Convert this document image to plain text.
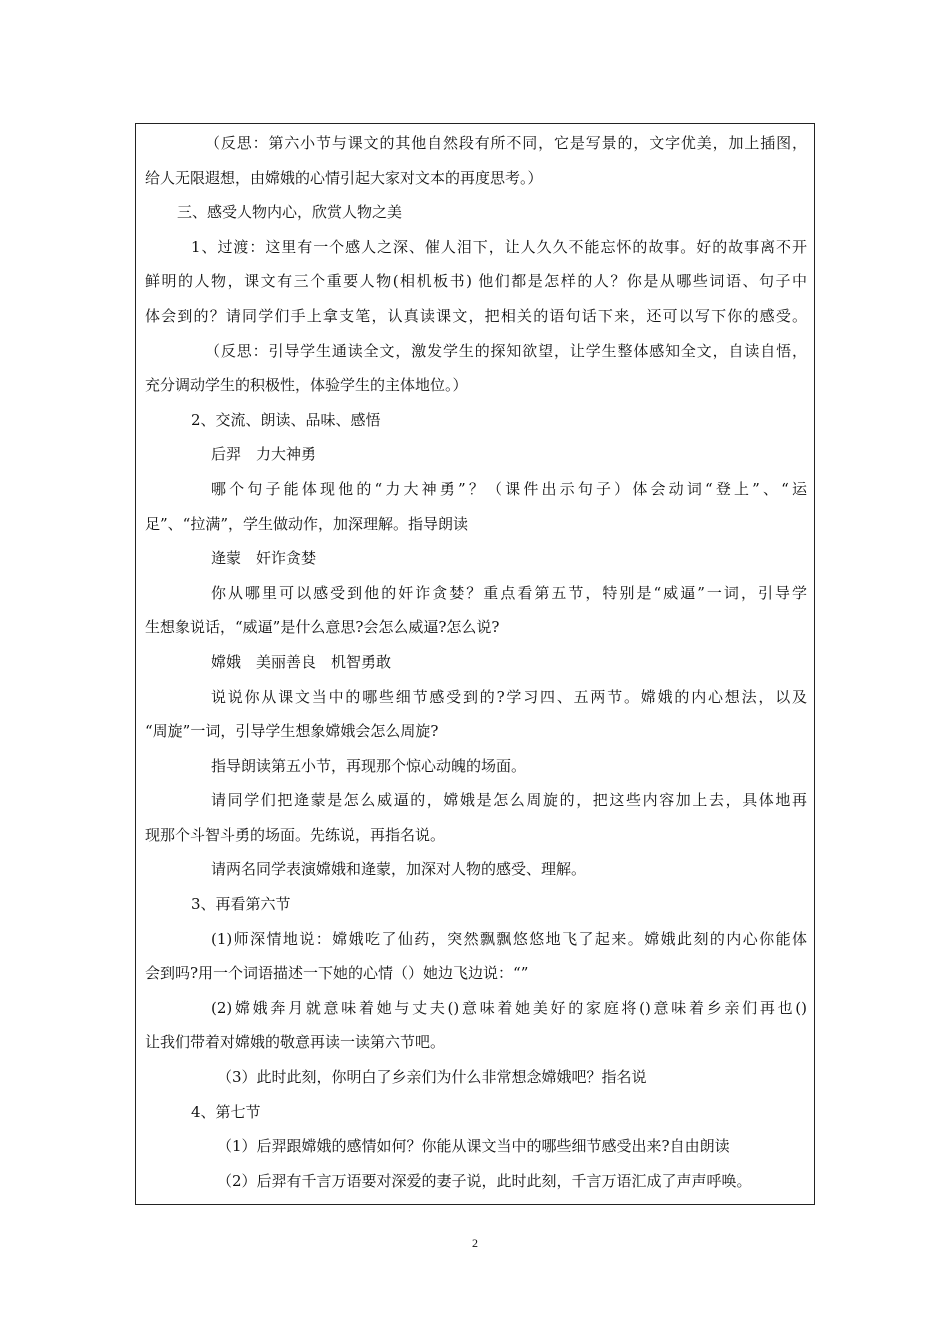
（反思：第六小节与课文的其他自然段有所不同，它是写景的，文字优美，加上插图，
给人无限遐想，由嫦娥的心情引起大家对文本的再度思考。）
三、感受人物内心，欣赏人物之美
1、过渡：这里有一个感人之深、催人泪下，让人久久不能忘怀的故事。好的故事离不开
鲜明的人物，课文有三个重要人物(相机板书) 他们都是怎样的人？你是从哪些词语、句子中
体会到的？请同学们手上拿支笔，认真读课文，把相关的语句话下来，还可以写下你的感受。
（反思：引导学生通读全文，激发学生的探知欲望，让学生整体感知全文，自读自悟，
充分调动学生的积极性，体验学生的主体地位。）
2、交流、朗读、品味、感悟
后羿　力大神勇
哪个句子能体现他的“力大神勇”？（课件出示句子）体会动词“登上”、“运
足”、“拉满”，学生做动作，加深理解。指导朗读
逄蒙　奸诈贪婪
你从哪里可以感受到他的奸诈贪婪？重点看第五节，特别是“威逼”一词，引导学
生想象说话，“威逼”是什么意思?会怎么威逼?怎么说?
嫦娥　美丽善良　机智勇敢
说说你从课文当中的哪些细节感受到的?学习四、五两节。嫦娥的内心想法，以及
“周旋”一词，引导学生想象嫦娥会怎么周旋?
指导朗读第五小节，再现那个惊心动魄的场面。
请同学们把逄蒙是怎么威逼的，嫦娥是怎么周旋的，把这些内容加上去，具体地再
现那个斗智斗勇的场面。先练说，再指名说。
请两名同学表演嫦娥和逄蒙，加深对人物的感受、理解。
3、再看第六节
(1)师深情地说：嫦娥吃了仙药，突然飘飘悠悠地飞了起来。嫦娥此刻的内心你能体
会到吗?用一个词语描述一下她的心情（）她边飞边说：“”
(2)嫦娥奔月就意味着她与丈夫()意味着她美好的家庭将()意味着乡亲们再也()
让我们带着对嫦娥的敬意再读一读第六节吧。
（3）此时此刻，你明白了乡亲们为什么非常想念嫦娥吧？指名说
4、第七节
（1）后羿跟嫦娥的感情如何？你能从课文当中的哪些细节感受出来?自由朗读
（2）后羿有千言万语要对深爱的妻子说，此时此刻，千言万语汇成了声声呼唤。
2
